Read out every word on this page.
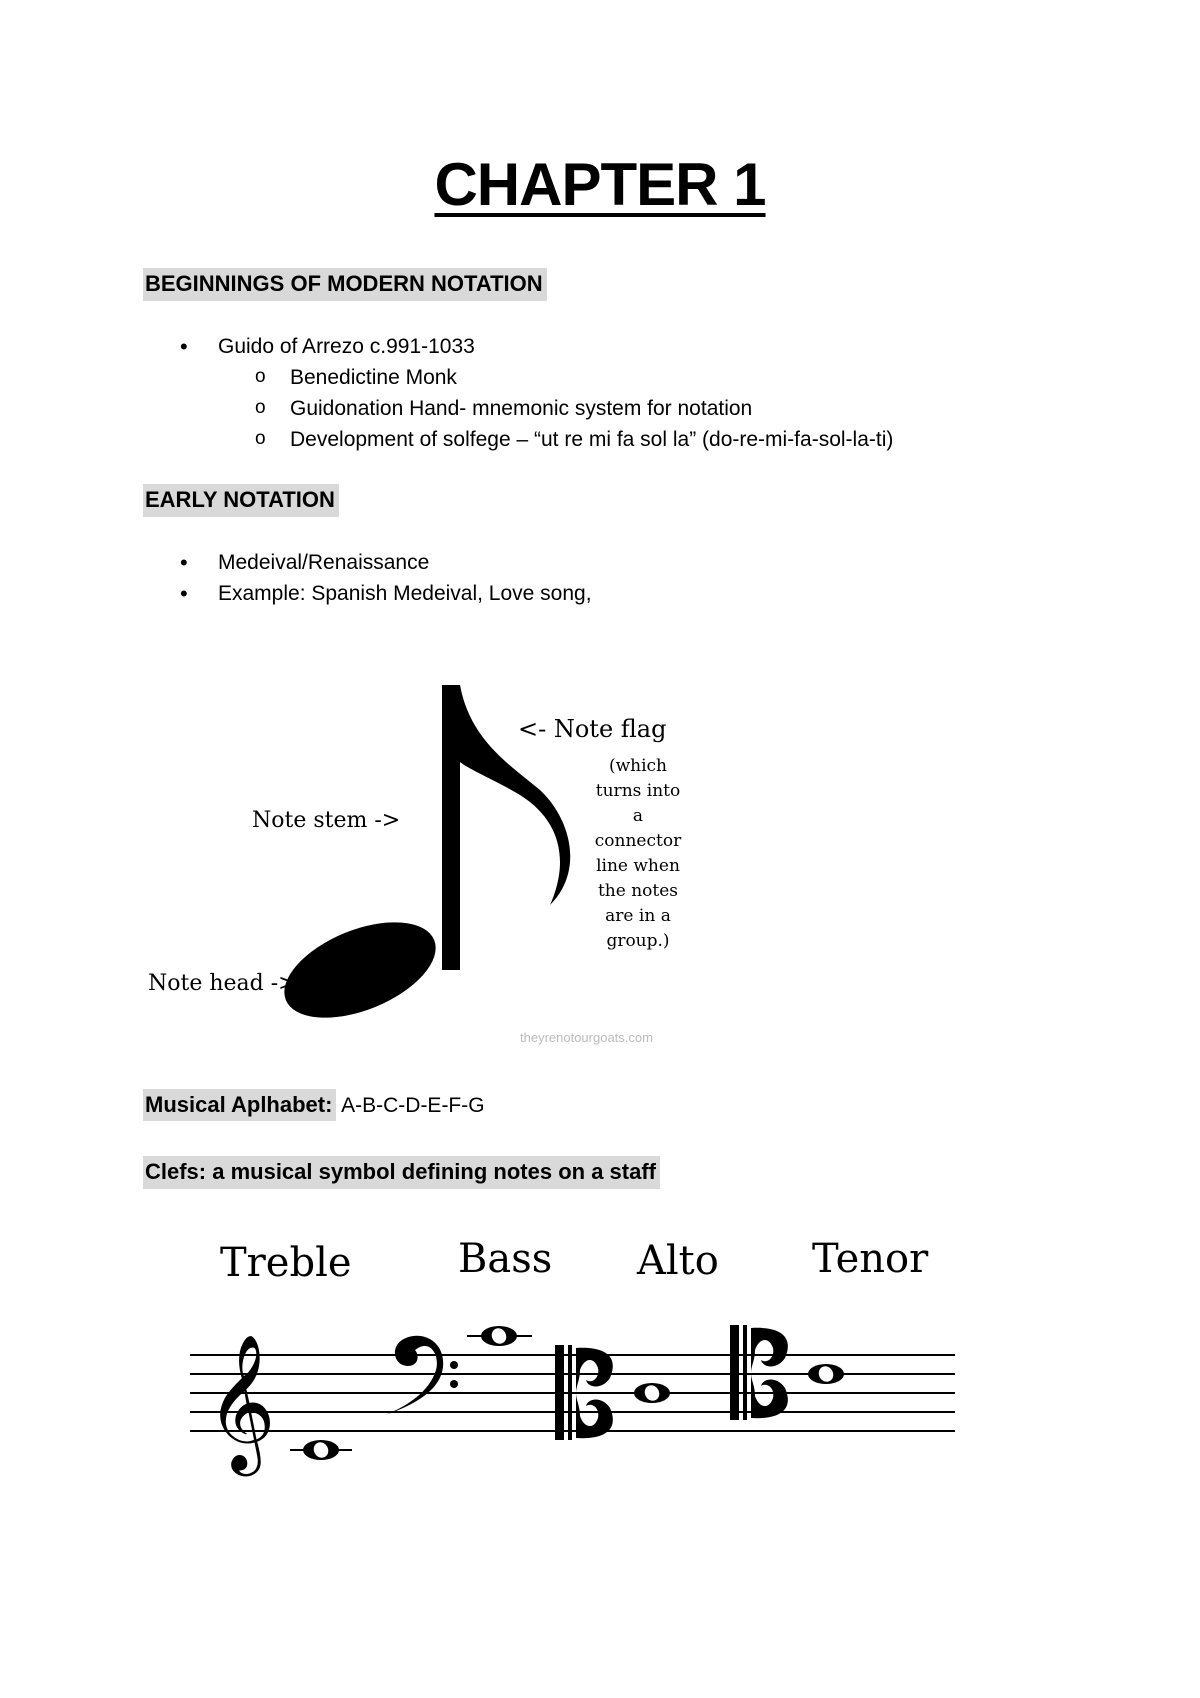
CHAPTER 1
BEGINNINGS OF MODERN NOTATION
• Guido of Arrezo c.991-1033
o Benedictine Monk
o Guidonation Hand- mnemonic system for notation
o Development of solfege – “ut re mi fa sol la” (do-re-mi-fa-sol-la-ti)
EARLY NOTATION
• Medeival/Renaissance
• Example: Spanish Medeival, Love song,
<- Note flag
(which
turns into
a
connector
line when
the notes
are in a
group.)
Note stem ->
Note head ->
theyrenotourgoats.com
Musical Aplhabet: A-B-C-D-E-F-G
Clefs: a musical symbol defining notes on a staff
Treble	Bass Alto Tenor
𝄞
